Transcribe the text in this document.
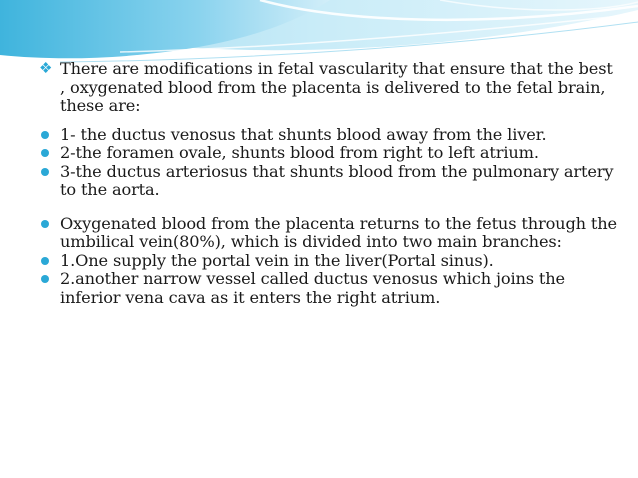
❖ There are modifications in fetal vascularity that ensure that the best , oxygenated blood from the placenta is delivered to the fetal brain, these are:
1- the ductus venosus that shunts blood away from the liver.
2-the foramen ovale, shunts blood from right to left atrium.
3-the ductus arteriosus that shunts blood from the pulmonary artery to the aorta.
Oxygenated blood from the placenta returns to the fetus through the umbilical vein(80%), which is divided into two main branches:
1.One supply the portal vein in the liver(Portal sinus).
2.another narrow vessel called ductus venosus which joins the inferior vena cava as it enters the right atrium.
